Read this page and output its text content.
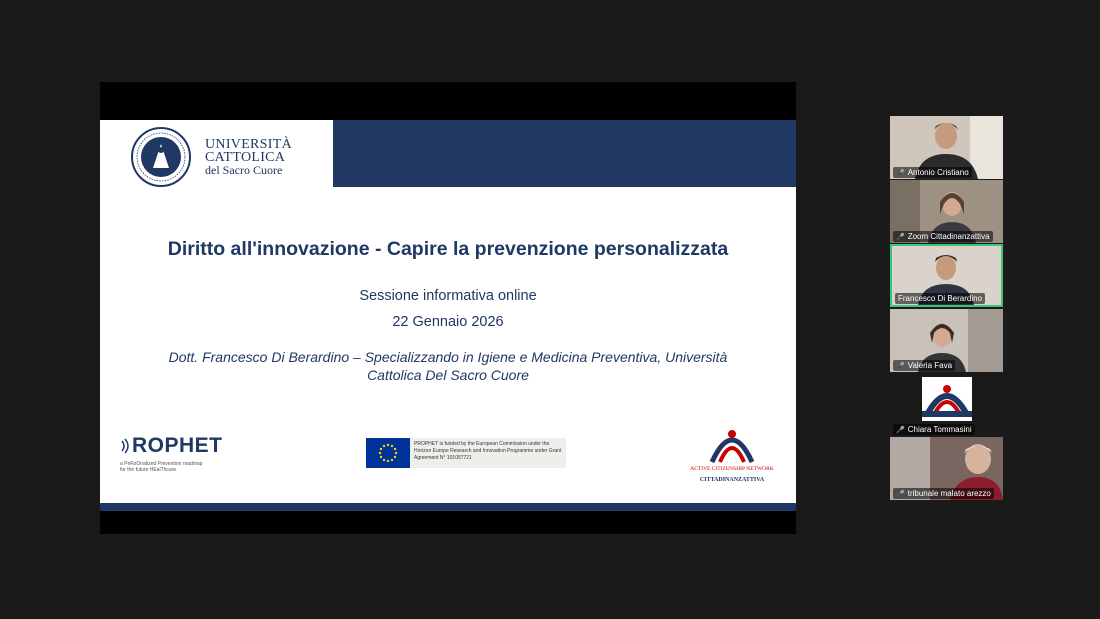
UNIVERSITÀ
CATTOLICA
del Sacro Cuore
Diritto all'innovazione - Capire la prevenzione personalizzata
Sessione informativa online
22 Gennaio 2026
Dott. Francesco Di Berardino – Specializzando in Igiene e Medicina Preventiva, Università
Cattolica Del Sacro Cuore
ROPHET
a PeRsOnalized Prevention roadmap
for the future HEalThcare
PROPHET is funded by the European Commission under the Horizon Europe Research and Innovation Programme under Grant Agreement N° 101057721
ACTIVE CITIZENSHIP NETWORK
CITTADINANZATTIVA
🎤 Antonio Cristiano
🎤 Zoom Cittadinanzattiva
Francesco Di Berardino
🎤 Valeria Fava
🎤 Chiara Tommasini
🎤 tribunale malato arezzo
